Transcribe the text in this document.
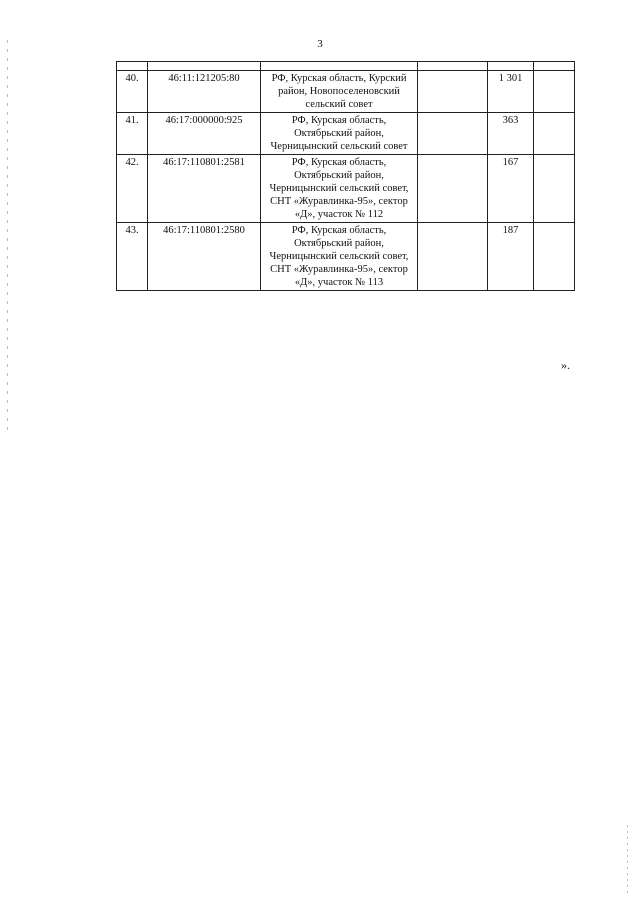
3

40.	46:11:121205:80	РФ, Курская область, Курский район, Новопоселеновский сельский совет		1 301	
41.	46:17:000000:925	РФ, Курская область, Октябрьский район, Черницынский сельский совет		363	
42.	46:17:110801:2581	РФ, Курская область, Октябрьский район, Черницынский сельский совет, СНТ «Журавлинка-95», сектор «Д», участок № 112		167	
43.	46:17:110801:2580	РФ, Курская область, Октябрьский район, Черницынский сельский совет, СНТ «Журавлинка-95», сектор «Д», участок № 113		187	
».
